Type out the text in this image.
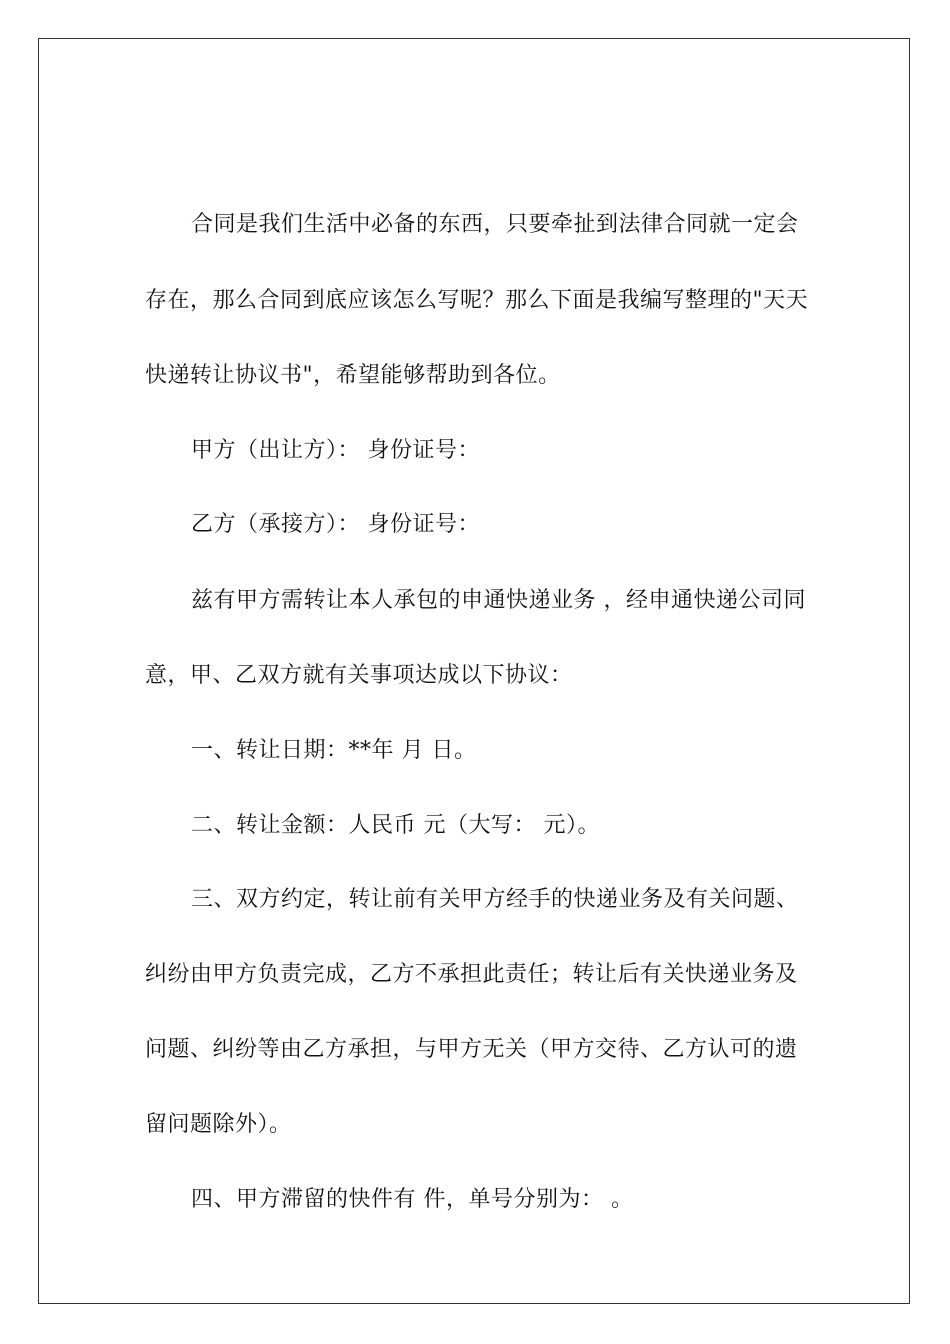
合同是我们生活中必备的东西，只要牵扯到法律合同就一定会
存在，那么合同到底应该怎么写呢？那么下面是我编写整理的"天天
快递转让协议书"，希望能够帮助到各位。
甲方（出让方）： 身份证号：
乙方（承接方）： 身份证号：
兹有甲方需转让本人承包的申通快递业务 ，经申通快递公司同
意，甲、乙双方就有关事项达成以下协议：
一、转让日期：**年 月 日。
二、转让金额：人民币 元（大写： 元）。
三、双方约定，转让前有关甲方经手的快递业务及有关问题、
纠纷由甲方负责完成，乙方不承担此责任；转让后有关快递业务及
问题、纠纷等由乙方承担，与甲方无关（甲方交待、乙方认可的遗
留问题除外）。
四、甲方滞留的快件有 件，单号分别为： 。
